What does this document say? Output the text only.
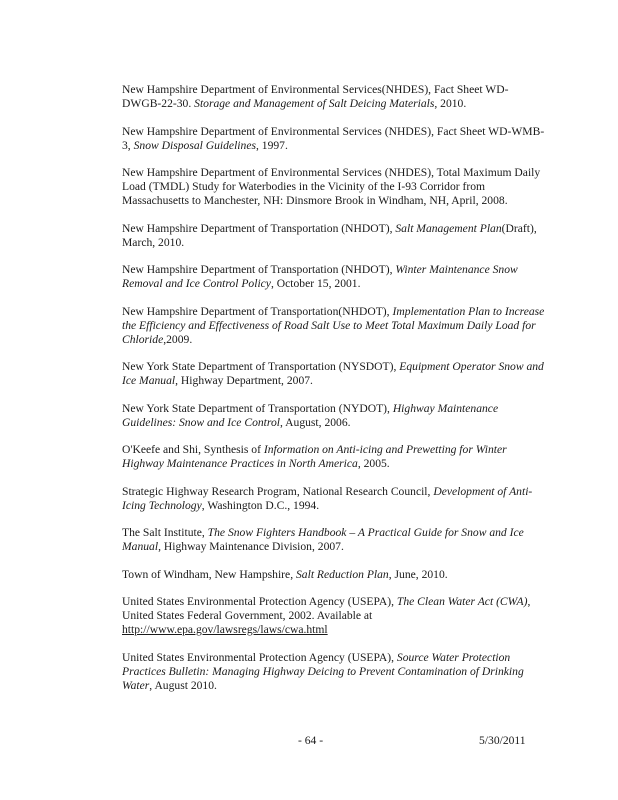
New Hampshire Department of Environmental Services(NHDES), Fact Sheet WD-DWGB-22-30. Storage and Management of Salt Deicing Materials, 2010.
New Hampshire Department of Environmental Services (NHDES), Fact Sheet WD-WMB-3, Snow Disposal Guidelines, 1997.
New Hampshire Department of Environmental Services (NHDES), Total Maximum Daily Load (TMDL) Study for Waterbodies in the Vicinity of the I-93 Corridor from Massachusetts to Manchester, NH: Dinsmore Brook in Windham, NH, April, 2008.
New Hampshire Department of Transportation (NHDOT), Salt Management Plan(Draft), March, 2010.
New Hampshire Department of Transportation (NHDOT), Winter Maintenance Snow Removal and Ice Control Policy, October 15, 2001.
New Hampshire Department of Transportation(NHDOT), Implementation Plan to Increase the Efficiency and Effectiveness of Road Salt Use to Meet Total Maximum Daily Load for Chloride,2009.
New York State Department of Transportation (NYSDOT), Equipment Operator Snow and Ice Manual, Highway Department, 2007.
New York State Department of Transportation (NYDOT), Highway Maintenance Guidelines: Snow and Ice Control, August, 2006.
O'Keefe and Shi, Synthesis of Information on Anti-icing and Prewetting for Winter Highway Maintenance Practices in North America, 2005.
Strategic Highway Research Program, National Research Council, Development of Anti-Icing Technology, Washington D.C., 1994.
The Salt Institute, The Snow Fighters Handbook – A Practical Guide for Snow and Ice Manual, Highway Maintenance Division, 2007.
Town of Windham, New Hampshire, Salt Reduction Plan, June, 2010.
United States Environmental Protection Agency (USEPA), The Clean Water Act (CWA), United States Federal Government, 2002. Available at http://www.epa.gov/lawsregs/laws/cwa.html
United States Environmental Protection Agency (USEPA), Source Water Protection Practices Bulletin: Managing Highway Deicing to Prevent Contamination of Drinking Water, August 2010.
- 64 -	5/30/2011
